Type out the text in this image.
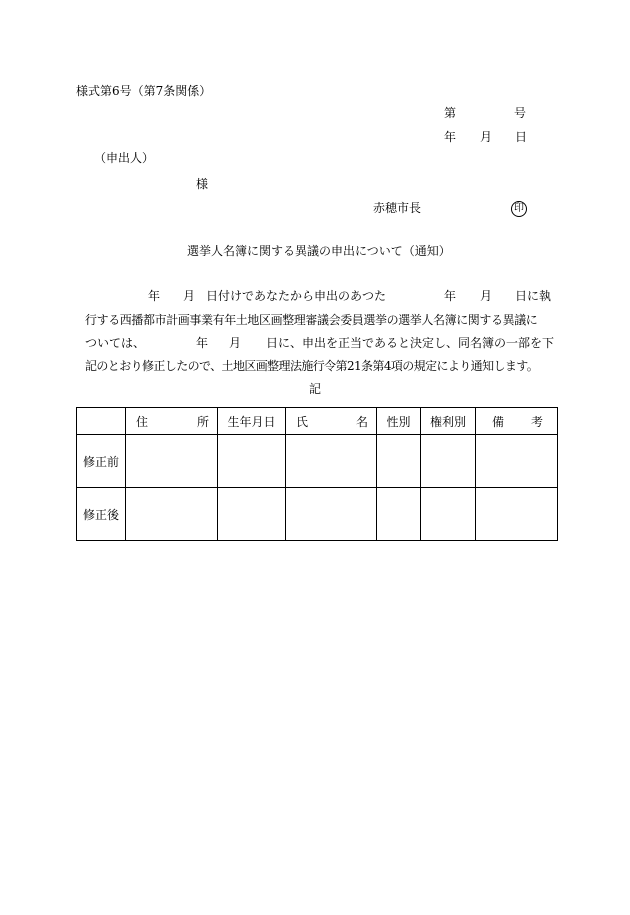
様式第6号（第7条関係）
第	号
年 月 日
（申出人）
様
赤穂市長	印
選挙人名簿に関する異議の申出について（通知）
年 月 日付けであなたから申出のあつた	年 月 日に執
行する西播都市計画事業有年土地区画整理審議会委員選挙の選挙人名簿に関する異議に
ついては、	年 月 日に、申出を正当であると決定し、同名簿の一部を下
記のとおり修正したので、土地区画整理法施行令第21条第4項の規定により通知します。
記

	住 所	生年月日	氏 名	性別	権利別	備 考

修正前						
修正後						
